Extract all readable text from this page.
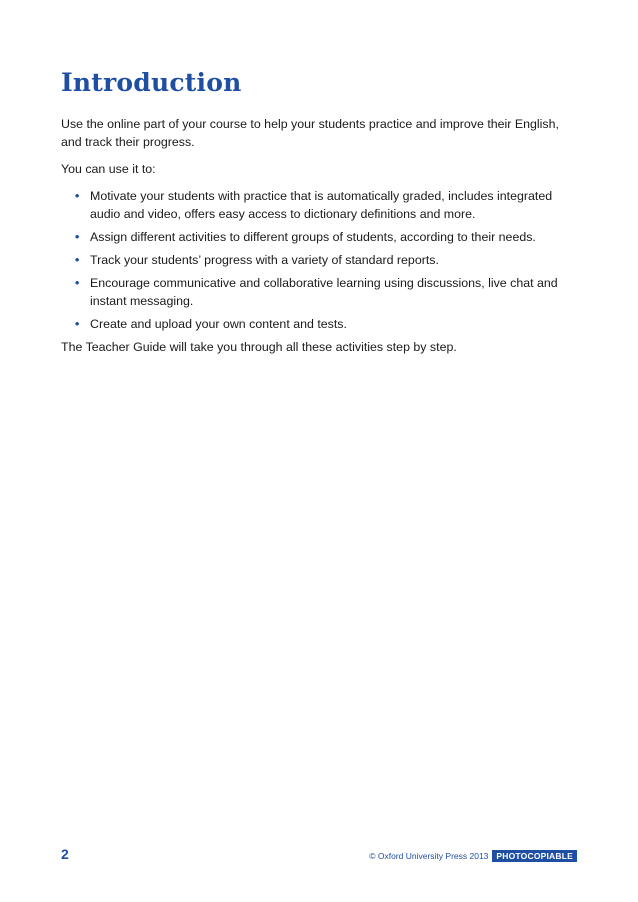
Introduction

Use the online part of your course to help your students practice and improve their English, and track their progress.

You can use it to:

• Motivate your students with practice that is automatically graded, includes integrated audio and video, offers easy access to dictionary definitions and more.
• Assign different activities to different groups of students, according to their needs.
• Track your students’ progress with a variety of standard reports.
• Encourage communicative and collaborative learning using discussions, live chat and instant messaging.
• Create and upload your own content and tests.

The Teacher Guide will take you through all these activities step by step.

2	© Oxford University Press 2013 PHOTOCOPIABLE
